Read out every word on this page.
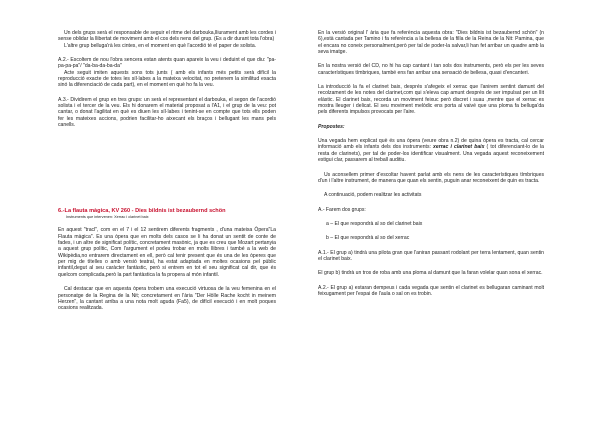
Un dels grups serà el responsable de seguir el ritme del darbouka,lliurament amb les cordes i sense oblidar la llibertat de moviment amb el cos dels nens del grup. (Es a dir durant tota l'obra)

L'altre grup belluga'rà les cintes, en el moment en què l'acordió té el paper de solista.

A.2.- Escoltem de nou l'obra sencera estan atents quan apareix la veu i deduint el que diu: "pa-pa-pa-pa"/ "da-ba-da-ba-da"

Acte seguit imiten aquests sons tots junts ( amb els infants més petits serà difícil la reproducció exacte de totes les síl·labes a la mateixa velocitat, no pretenem la similitud exacta sinó la diferenciació de cada part), en el moment en què ho fa la veu.

A.3.- Dividirem el grup en tres grups: un serà el representant el darbouka, el segon de l'acordió solista i el tercer de la veu. Els hi donarem el material proposat a l'A1, i el grup de la veu: pot cantar, o donat l'agilitat en què es diuen les síl·labes i tenint-se en compte que tots ells poden fer les mateixes accions, podrien facilitar-ho aixecant els braços i bellugant les mans pels canells.

6.-La flauta màgica, KV 260 - Dies bildnis ist bezaubernd schön

Instruments que intervenen: Xerrac i clarinet baix

En aquest "tracl", com en el 7 i el 12 sentirem diferents fragments , d'una mateixa Òpera"La Flauta màgica". Es una òpera que en molts dels casos se li ha donat un sentit de conte de fades, i un altre de significat polític, concretament masònic, ja que es creu que Mozart pertanyia a aquest grup polític, Com l'argument el podeu trobar en molts llibres i també a la web de Wikipèdia,no entrarem directament en ell, però cal tenir present que és una de les òperes que per mig de títelles o amb versió teatral, ha estat adaptada en moltes ocasions pel públic infantil,degut al seu caràcter fantàstic, però si entrem en tot el seu significat cal dir, que és quelcom complicada,però la part fantàstica la fa propera al món infantil.

Cal destacar que en aquesta òpera trobem una execució virtuosa de la veu femenina en el personatge de la Regina de la Nit; concretament en l'ària "Der Hölle Rache kocht in meinem Herzen", la cantant arriba a una nota molt aguda (Fa5), de difícil execució i en molt poques ocasions realitzada.

En la versió original l' ària que fa referència aquesta obra: "Dies bildnis ist bezaubernd schön" (n 6),està cantada per Tamino i fa referència a la bellesa de la filla de la Reina de la Nit: Pamina, que el encara no coneix personalment,però per tal de poder-la salvar,li han fet arribar un quadre amb la seva imatge.

En la nostra versió del CD, no hi ha cap cantant i tan sols dos instruments, però els per les seves característiques tímbriques, també ens fan arribar una sensació de bellesa, quasi d'encanteri.

La introducció la fa el clarinet baix, després s'afegeix el xerrac que l'anirem sentint damunt del recolzament de les notes del clarinet,com qui s'eleva cap amunt després de ser impulsat per un llit elàstic. El clarinet baix, recorda un moviment feixuc però discret i suau ,mentre que el xerrac es mostra lleuger i delicat. El seu moviment melòdic ens porta al vaivé que una ploma fa belluga'da pels diferents impulsos provocats per l'aire.

Propostes:

Una vegada hem explicat què és una òpera (veure obra n.2) de quina òpera es tracta, cal cercar informació amb els infants dels dos instruments: xerrac i clarinet baix ( tot diferenciant-lo de la resta de clarinets), per tal de poder-los identificar visualment. Una vegada aquest reconeixement estigui clar, passarem al treball auditiu.

Us aconsellem primer d'escoltar havent parlat amb els nens de les característiques tímbriques d'un i l'altre instrument, de manera que quan els sentin, puguin anar reconeixent de quin es tracta.

A continuació, podem realitzar les activitats

A.- Farem dos grups:

a – El que respondrà al so del clarinet baix

b – El que respondrà al so del xerrac

A.1.- El grup a) tindrà una pilota gran que l'aniran passant rodolant per terra lentament, quan sentin el clarinet baix.

El grup b) tindrà un tros de roba amb una ploma al damunt que la faran volelar quan sona el xerrac.

A.2.- El grup a) estaran dempeus i cada vegada que sentin el clarinet es bellugaran caminant molt feixugament per l'espai de l'aula o sal on es trobin.
